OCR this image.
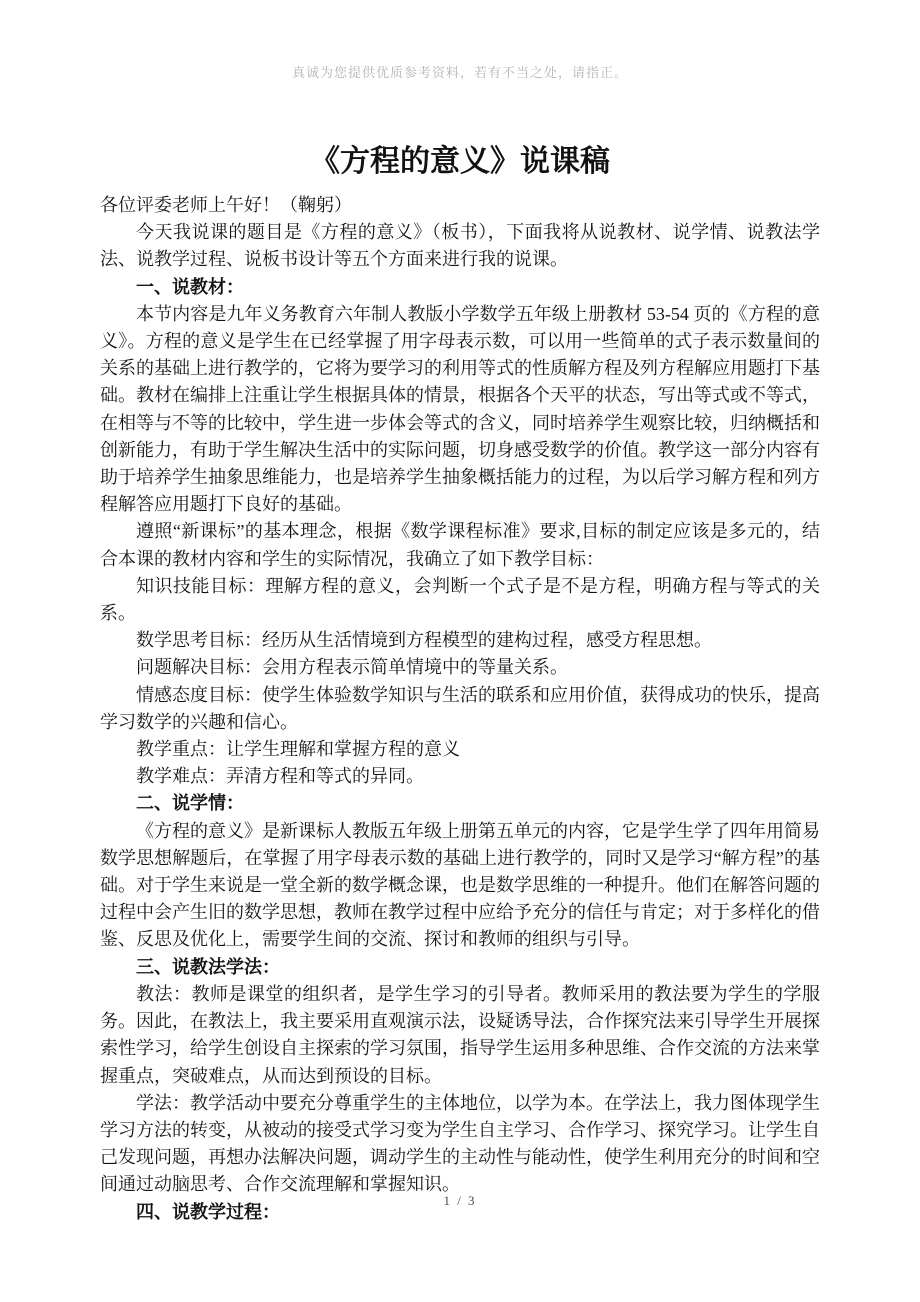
真诚为您提供优质参考资料，若有不当之处，请指正。
《方程的意义》说课稿

各位评委老师上午好！（鞠躬）

今天我说课的题目是《方程的意义》（板书），下面我将从说教材、说学情、说教法学法、说教学过程、说板书设计等五个方面来进行我的说课。

一、说教材：

本节内容是九年义务教育六年制人教版小学数学五年级上册教材 53-54 页的《方程的意义》。方程的意义是学生在已经掌握了用字母表示数，可以用一些简单的式子表示数量间的关系的基础上进行教学的，它将为要学习的利用等式的性质解方程及列方程解应用题打下基础。教材在编排上注重让学生根据具体的情景，根据各个天平的状态，写出等式或不等式，在相等与不等的比较中，学生进一步体会等式的含义，同时培养学生观察比较，归纳概括和创新能力，有助于学生解决生活中的实际问题，切身感受数学的价值。教学这一部分内容有助于培养学生抽象思维能力，也是培养学生抽象概括能力的过程，为以后学习解方程和列方程解答应用题打下良好的基础。

遵照“新课标”的基本理念，根据《数学课程标准》要求,目标的制定应该是多元的，结合本课的教材内容和学生的实际情况，我确立了如下教学目标：

知识技能目标：理解方程的意义，会判断一个式子是不是方程，明确方程与等式的关系。

数学思考目标：经历从生活情境到方程模型的建构过程，感受方程思想。

问题解决目标：会用方程表示简单情境中的等量关系。

情感态度目标：使学生体验数学知识与生活的联系和应用价值，获得成功的快乐，提高学习数学的兴趣和信心。

教学重点：让学生理解和掌握方程的意义

教学难点：弄清方程和等式的异同。

二、说学情：

《方程的意义》是新课标人教版五年级上册第五单元的内容，它是学生学了四年用简易数学思想解题后，在掌握了用字母表示数的基础上进行教学的，同时又是学习“解方程”的基础。对于学生来说是一堂全新的数学概念课，也是数学思维的一种提升。他们在解答问题的过程中会产生旧的数学思想，教师在教学过程中应给予充分的信任与肯定；对于多样化的借鉴、反思及优化上，需要学生间的交流、探讨和教师的组织与引导。

三、说教法学法：

教法：教师是课堂的组织者，是学生学习的引导者。教师采用的教法要为学生的学服务。因此，在教法上，我主要采用直观演示法，设疑诱导法，合作探究法来引导学生开展探索性学习，给学生创设自主探索的学习氛围，指导学生运用多种思维、合作交流的方法来掌握重点，突破难点，从而达到预设的目标。

学法：教学活动中要充分尊重学生的主体地位，以学为本。在学法上，我力图体现学生学习方法的转变，从被动的接受式学习变为学生自主学习、合作学习、探究学习。让学生自己发现问题，再想办法解决问题，调动学生的主动性与能动性，使学生利用充分的时间和空间通过动脑思考、合作交流理解和掌握知识。

四、说教学过程：
1 / 3
